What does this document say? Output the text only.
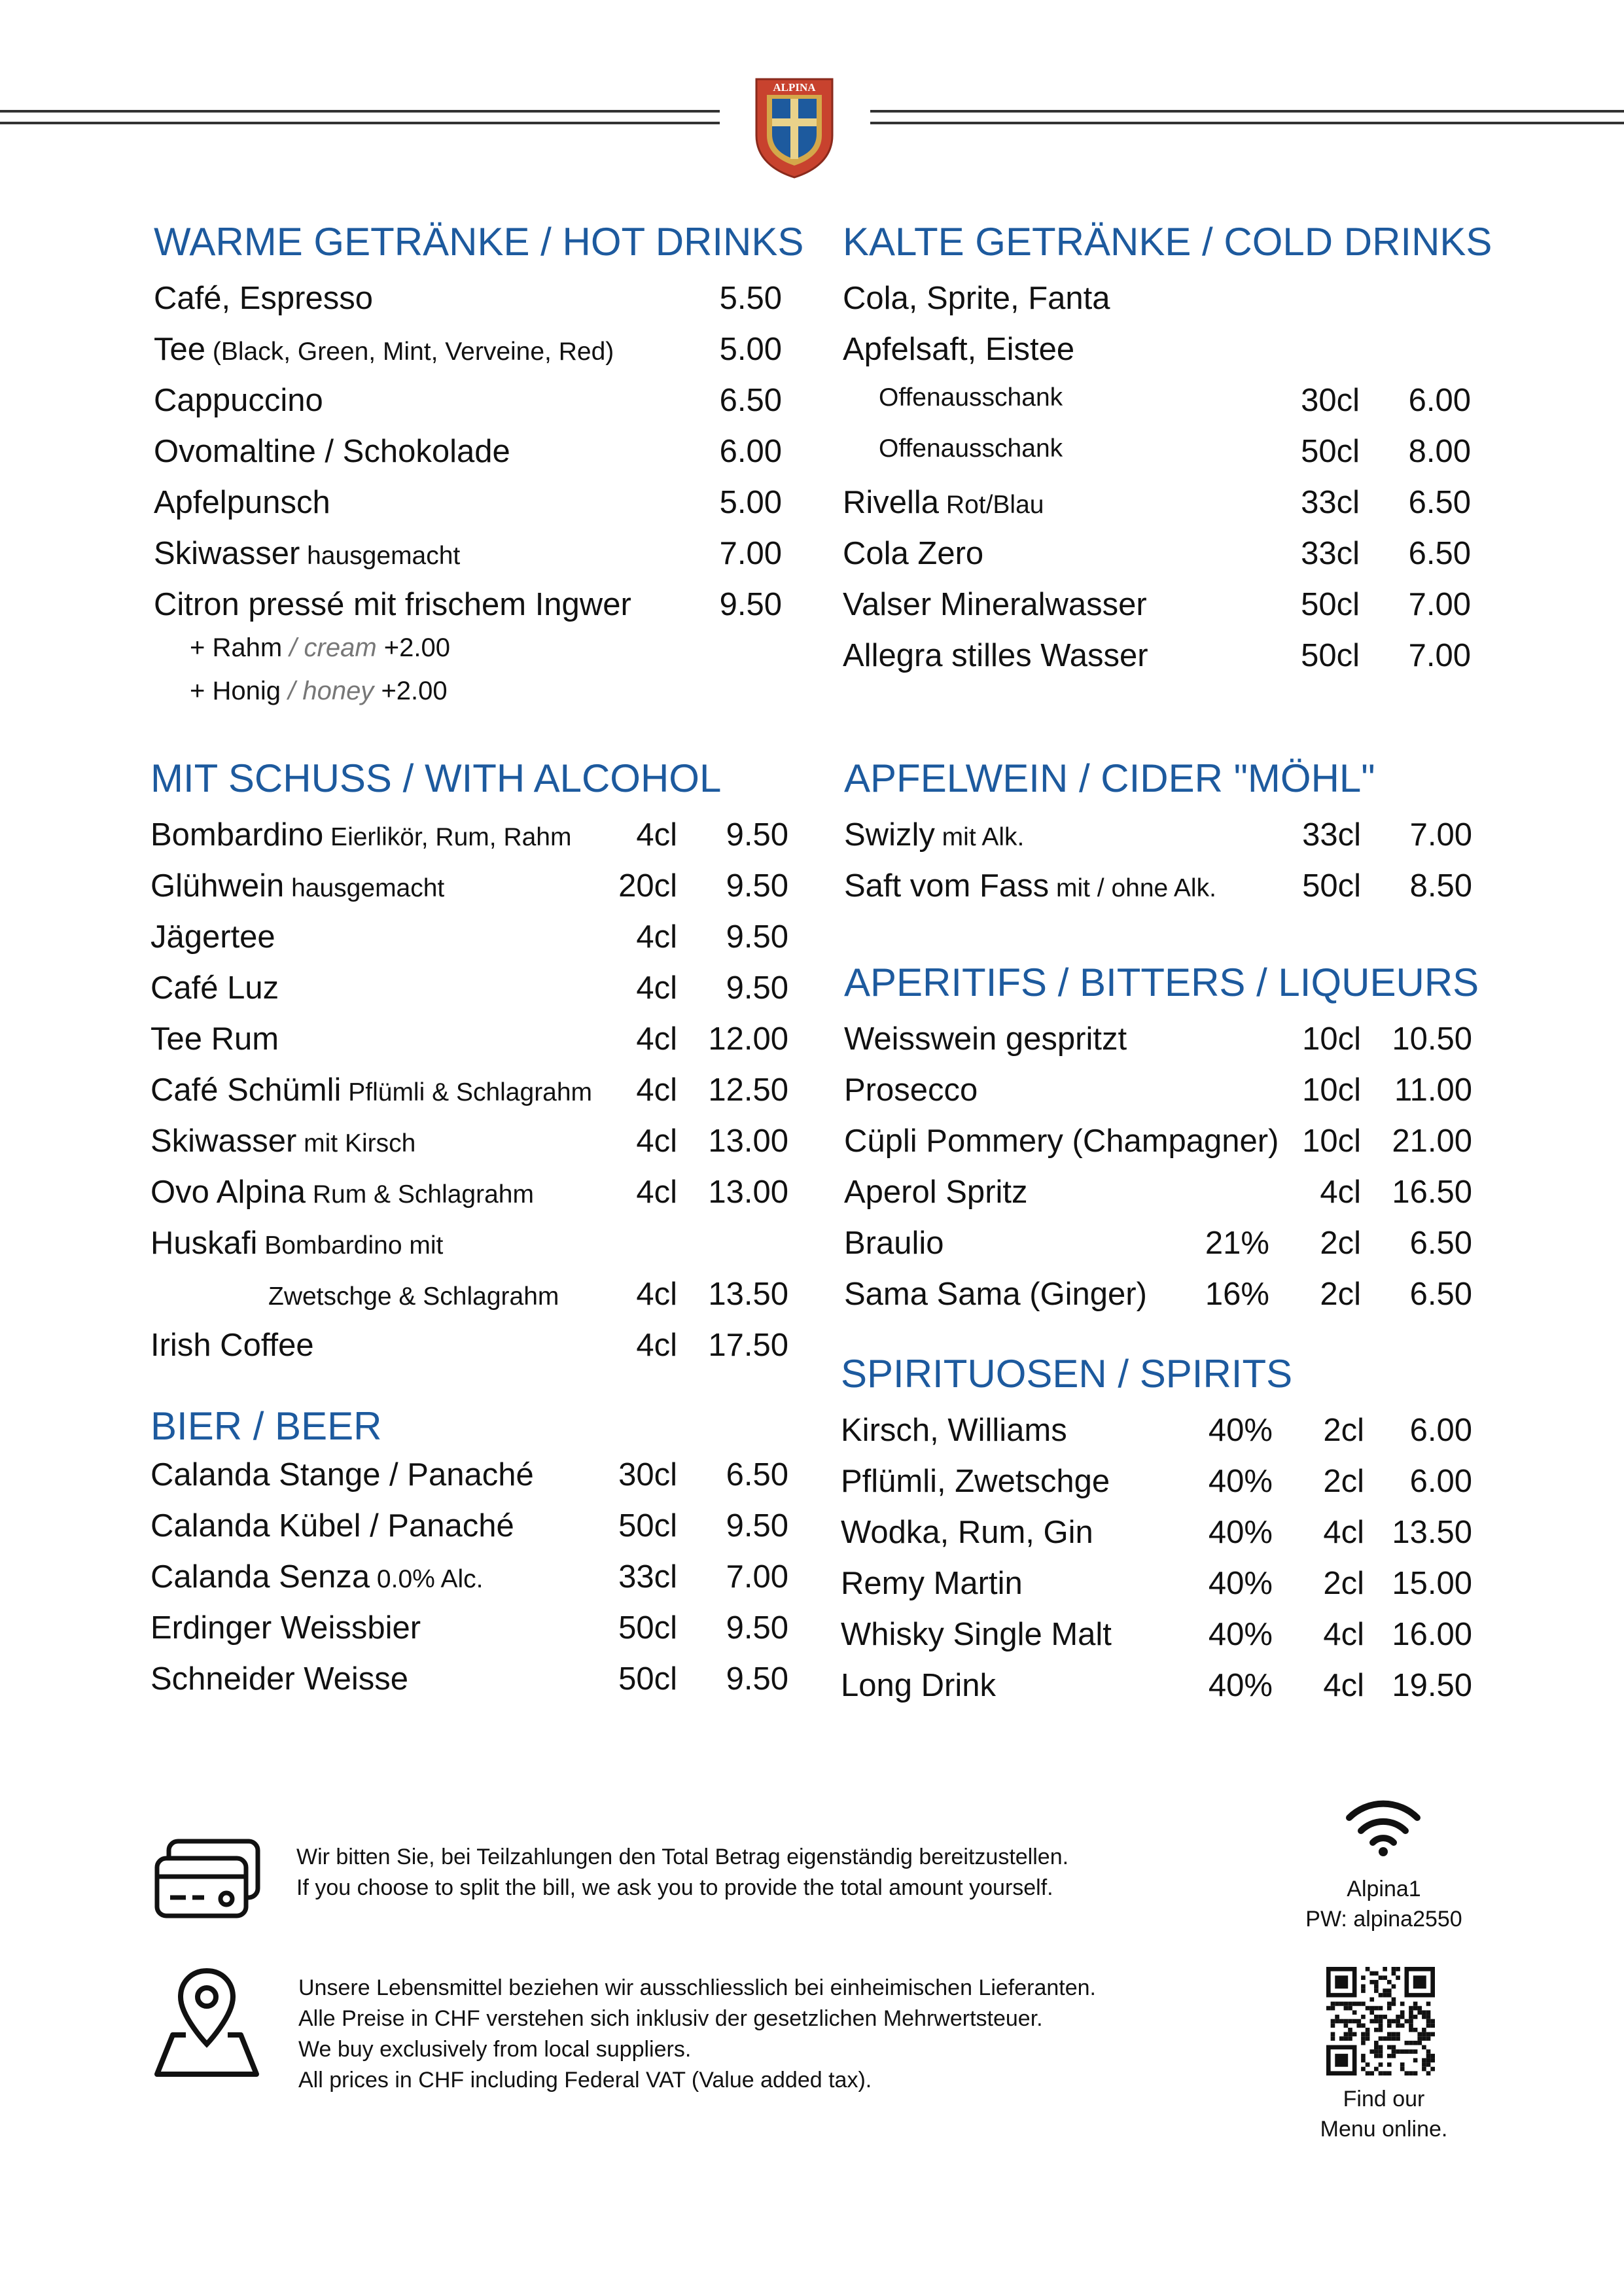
ALPINA
WARME GETRÄNKE / HOT DRINKS
Café, Espresso	5.50
Tee (Black, Green, Mint, Verveine, Red)	5.00
Cappuccino	6.50
Ovomaltine / Schokolade	6.00
Apfelpunsch	5.00
Skiwasser hausgemacht	7.00
Citron pressé mit frischem Ingwer	9.50
+ Rahm / cream +2.00
+ Honig / honey +2.00
MIT SCHUSS / WITH ALCOHOL
Bombardino Eierlikör, Rum, Rahm 4cl 9.50
Glühwein hausgemacht	20cl 9.50
Jägertee	4cl 9.50
Café Luz	4cl 9.50
Tee Rum	4cl 12.00
Café Schümli Pflümli & Schlagrahm 4cl 12.50
Skiwasser mit Kirsch	4cl 13.00
Ovo Alpina Rum & Schlagrahm	4cl 13.00
Huskafi Bombardino mit
Zwetschge & Schlagrahm 4cl 13.50
Irish Coffee	4cl 17.50
BIER / BEER
Calanda Stange / Panaché	30cl 6.50
Calanda Kübel / Panaché	50cl 9.50
Calanda Senza 0.0% Alc.	33cl 7.00
Erdinger Weissbier	50cl 9.50
Schneider Weisse	50cl 9.50
KALTE GETRÄNKE / COLD DRINKS
Cola, Sprite, Fanta
Apfelsaft, Eistee
Offenausschank	30cl 6.00
Offenausschank	50cl 8.00
Rivella Rot/Blau	33cl 6.50
Cola Zero	33cl 6.50
Valser Mineralwasser	50cl 7.00
Allegra stilles Wasser	50cl 7.00
APFELWEIN / CIDER "MÖHL"
Swizly mit Alk.	33cl 7.00
Saft vom Fass mit / ohne Alk.	50cl 8.50
APERITIFS / BITTERS / LIQUEURS
Weisswein gespritzt	10cl 10.50
Prosecco	10cl 11.00
Cüpli Pommery (Champagner) 10cl 21.00
Aperol Spritz	4cl 16.50
Braulio	21% 2cl 6.50
Sama Sama (Ginger) 16% 2cl 6.50
SPIRITUOSEN / SPIRITS
Kirsch, Williams	40% 2cl 6.00
Pflümli, Zwetschge	40% 2cl 6.00
Wodka, Rum, Gin	40% 4cl 13.50
Remy Martin	40% 2cl 15.00
Whisky Single Malt	40% 4cl 16.00
Long Drink	40% 4cl 19.50
Wir bitten Sie, bei Teilzahlungen den Total Betrag eigenständig bereitzustellen.
If you choose to split the bill, we ask you to provide the total amount yourself.
Unsere Lebensmittel beziehen wir ausschliesslich bei einheimischen Lieferanten.
Alle Preise in CHF verstehen sich inklusiv der gesetzlichen Mehrwertsteuer.
We buy exclusively from local suppliers.
All prices in CHF including Federal VAT (Value added tax).
Alpina1
PW: alpina2550
Find our
Menu online.
